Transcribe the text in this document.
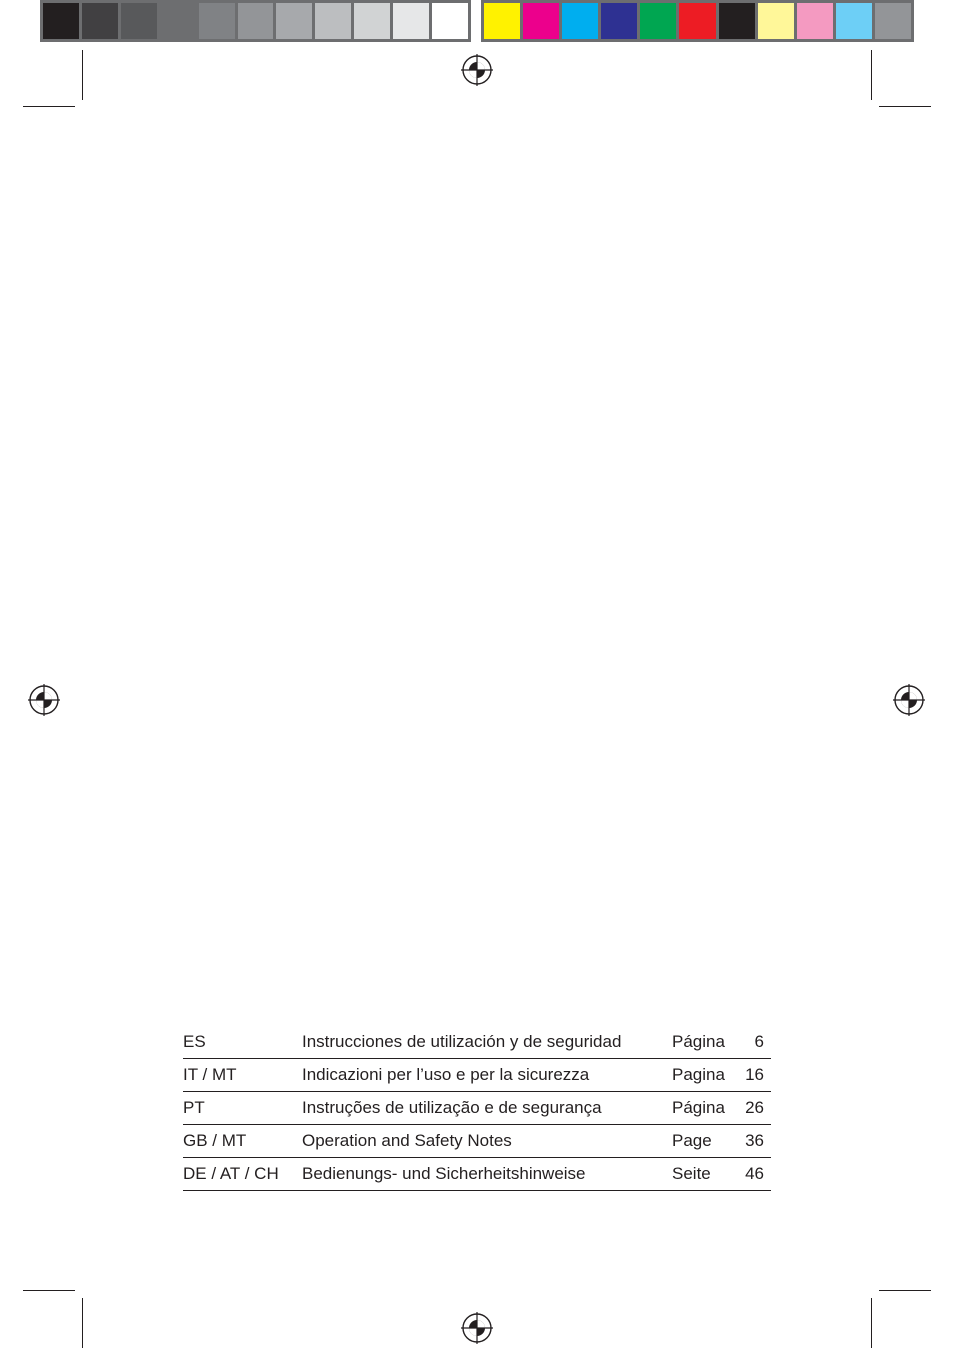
ES	Instrucciones de utilización y de seguridad	Página	6
IT / MT	Indicazioni per l’uso e per la sicurezza	Pagina	16
PT	Instruções de utilização e de segurança	Página	26
GB / MT	Operation and Safety Notes	Page	36
DE / AT / CH	Bedienungs- und Sicherheitshinweise	Seite	46
